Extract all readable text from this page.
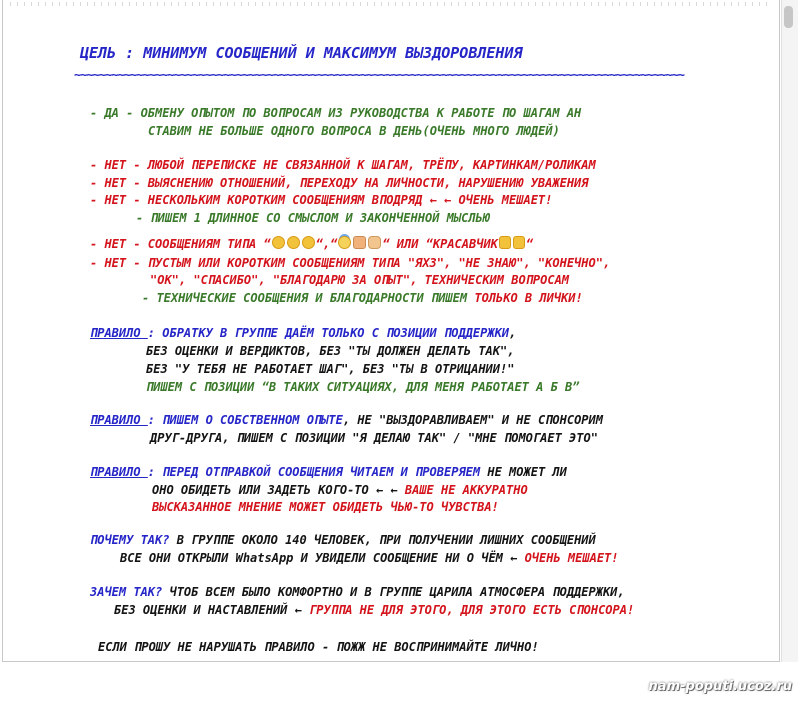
ЦЕЛЬ : МИНИМУМ СООБЩЕНИЙ И МАКСИМУМ ВЫЗДОРОВЛЕНИЯ
~~~~~~~~~~~~~~~~~~~~~~~~~~~~~~~~~~~~~~~~~~~~~~~~~~~~~~~~~~~~~~~~~~~~~~~~~~~~~~~~~~~~~~~~~~~~~~~~~~
- ДА - ОБМЕНУ ОПЫТОМ ПО ВОПРОСАМ ИЗ РУКОВОДСТВА К РАБОТЕ ПО ШАГАМ АН
СТАВИМ НЕ БОЛЬШЕ ОДНОГО ВОПРОСА В ДЕНЬ(ОЧЕНЬ МНОГО ЛЮДЕЙ)
- НЕТ - ЛЮБОЙ ПЕРЕПИСКЕ НЕ СВЯЗАННОЙ К ШАГАМ, ТРЁПУ, КАРТИНКАМ/РОЛИКАМ
- НЕТ - ВЫЯСНЕНИЮ ОТНОШЕНИЙ, ПЕРЕХОДУ НА ЛИЧНОСТИ, НАРУШЕНИЮ УВАЖЕНИЯ
- НЕТ - НЕСКОЛЬКИМ КОРОТКИМ СООБЩЕНИЯМ ВПОДРЯД ← ← ОЧЕНЬ МЕШАЕТ!
- ПИШЕМ 1 ДЛИННОЕ СО СМЫСЛОМ И ЗАКОНЧЕННОЙ МЫСЛЬЮ
- НЕТ - СООБЩЕНИЯМ ТИПА “	“,“	“ ИЛИ “КРАСАВЧИК “
- НЕТ - ПУСТЫМ ИЛИ КОРОТКИМ СООБЩЕНИЯМ ТИПА "ЯХЗ", "НЕ ЗНАЮ", "КОНЕЧНО",
"ОК", "СПАСИБО", "БЛАГОДАРЮ ЗА ОПЫТ", ТЕХНИЧЕСКИМ ВОПРОСАМ
- ТЕХНИЧЕСКИЕ СООБЩЕНИЯ И БЛАГОДАРНОСТИ ПИШЕМ ТОЛЬКО В ЛИЧКИ!
ПРАВИЛО : ОБРАТКУ В ГРУППЕ ДАЁМ ТОЛЬКО С ПОЗИЦИИ ПОДДЕРЖКИ,
БЕЗ ОЦЕНКИ И ВЕРДИКТОВ, БЕЗ "ТЫ ДОЛЖЕН ДЕЛАТЬ ТАК",
БЕЗ "У ТЕБЯ НЕ РАБОТАЕТ ШАГ", БЕЗ "ТЫ В ОТРИЦАНИИ!"
ПИШЕМ С ПОЗИЦИИ “В ТАКИХ СИТУАЦИЯХ, ДЛЯ МЕНЯ РАБОТАЕТ А Б В”
ПРАВИЛО : ПИШЕМ О СОБСТВЕННОМ ОПЫТЕ, НЕ "ВЫЗДОРАВЛИВАЕМ" И НЕ СПОНСОРИМ
ДРУГ-ДРУГА, ПИШЕМ С ПОЗИЦИИ "Я ДЕЛАЮ ТАК" / "МНЕ ПОМОГАЕТ ЭТО"
ПРАВИЛО : ПЕРЕД ОТПРАВКОЙ СООБЩЕНИЯ ЧИТАЕМ И ПРОВЕРЯЕМ НЕ МОЖЕТ ЛИ
ОНО ОБИДЕТЬ ИЛИ ЗАДЕТЬ КОГО-ТО ← ← ВАШЕ НЕ АККУРАТНО
ВЫСКАЗАННОЕ МНЕНИЕ МОЖЕТ ОБИДЕТЬ ЧЬЮ-ТО ЧУВСТВА!
ПОЧЕМУ ТАК? В ГРУППЕ ОКОЛО 140 ЧЕЛОВЕК, ПРИ ПОЛУЧЕНИИ ЛИШНИХ СООБЩЕНИЙ
ВСЕ ОНИ ОТКРЫЛИ WhatsApp И УВИДЕЛИ СООБЩЕНИЕ НИ О ЧЁМ ← ОЧЕНЬ МЕШАЕТ!
ЗАЧЕМ ТАК? ЧТОБ ВСЕМ БЫЛО КОМФОРТНО И В ГРУППЕ ЦАРИЛА АТМОСФЕРА ПОДДЕРЖКИ,
БЕЗ ОЦЕНКИ И НАСТАВЛЕНИЙ ← ГРУППА НЕ ДЛЯ ЭТОГО, ДЛЯ ЭТОГО ЕСТЬ СПОНСОРА!
ЕСЛИ ПРОШУ НЕ НАРУШАТЬ ПРАВИЛО - ПОЖЖ НЕ ВОСПРИНИМАЙТЕ ЛИЧНО!
nam-poputi.ucoz.ru
